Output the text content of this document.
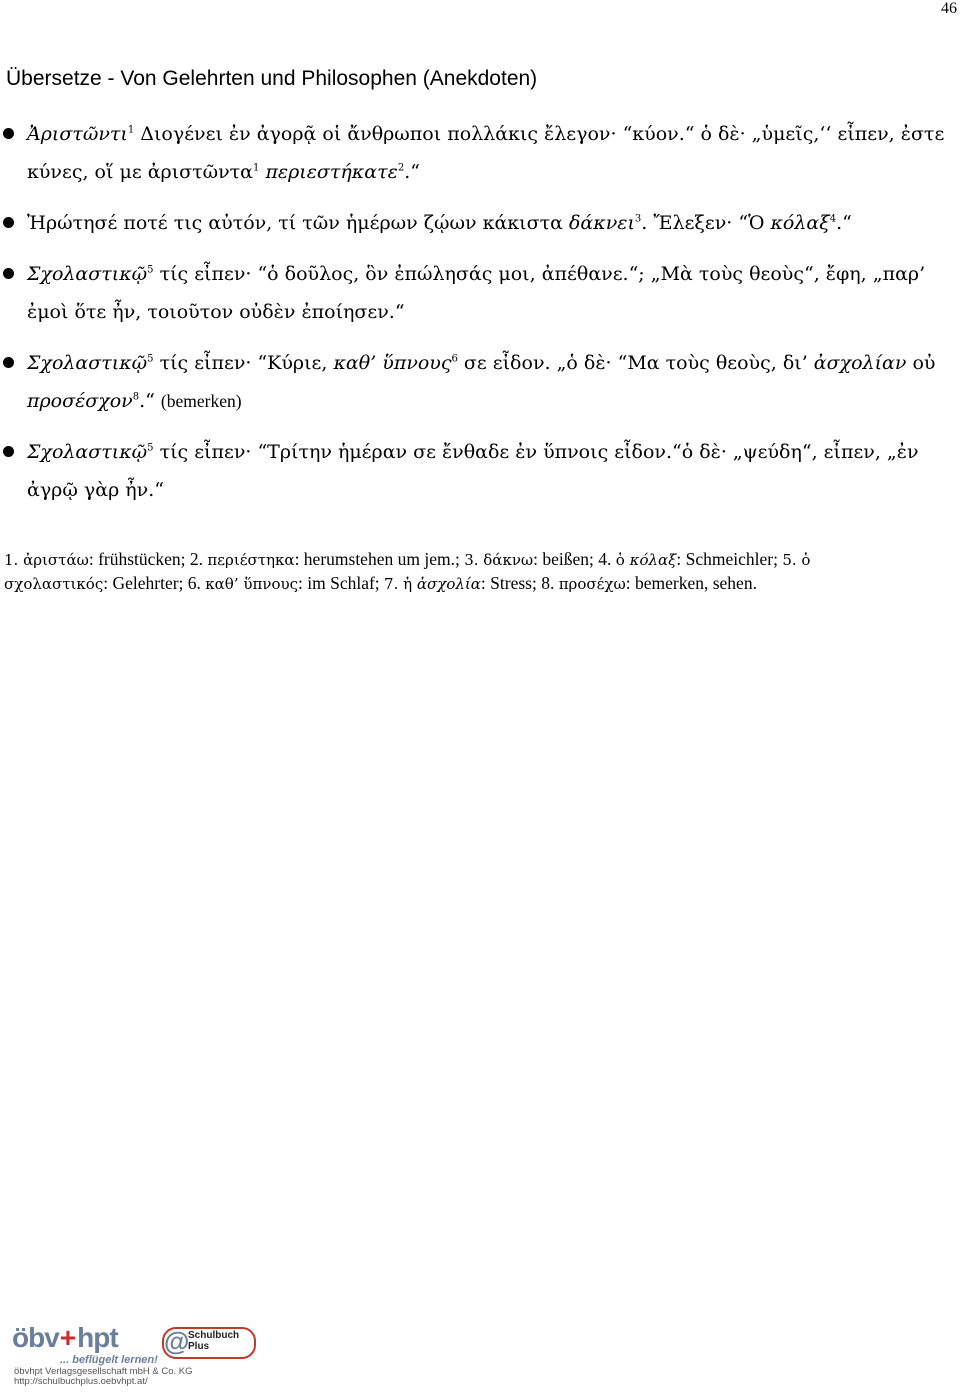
46
Übersetze - Von Gelehrten und Philosophen (Anekdoten)
Ἀριστῶντι$^1$ Διογένει ἐν ἀγορᾷ οἱ ἄνθρωποι πολλάκις ἔλεγον· “κύον.“ ὁ δὲ· „ὑμεῖς,‘‘ εἶπεν, ἐστε
κύνες, οἵ με ἀριστῶντα$^1$ περιεστήκατε$^2$.“
Ἠρώτησέ ποτέ τις αὐτόν, τί τῶν ἡμέρων ζῴων κάκιστα δάκνει$^3$. Ἔλεξεν· “Ὁ κόλαξ$^4$.“
Σχολαστικῷ$^5$ τίς εἶπεν· “ὁ δοῦλος, ὃν ἐπώλησάς μοι, ἀπέθανε.“; „Μὰ τοὺς θεοὺς“, ἔφη, „παρ’
ἐμοὶ ὅτε ἦν, τοιοῦτον οὐδὲν ἐποίησεν.“
Σχολαστικῷ$^5$ τίς εἶπεν· “Κύριε, καθ’ ὕπνους$^6$ σε εἶδον. „ὁ δὲ· “Μα τοὺς θεοὺς, δι’ ἀσχολίαν οὐ
προσέσχον$^8$.“ (bemerken)
Σχολαστικῷ$^5$ τίς εἶπεν· “Τρίτην ἡμέραν σε ἔνθαδε ἐν ὕπνοις εἶδον.“ὁ δὲ· „ψεύδη“, εἶπεν, „ἐν
ἀγρῷ γὰρ ἦν.“
1. ἀριστάω: frühstücken; 2. περιέστηκα: herumstehen um jem.; 3. δάκνω: beißen; 4. ὁ κόλαξ: Schmeichler; 5. ὁ
σχολαστικός: Gelehrter; 6. καθ’ ὕπνους: im Schlaf; 7. ἡ ἀσχολία: Stress; 8. προσέχω: bemerken, sehen.
öbv + hpt @
Schulbuch
Plus
... beflügelt lernen!
öbvhpt Verlagsgesellschaft mbH & Co. KG
http://schulbuchplus.oebvhpt.at/
